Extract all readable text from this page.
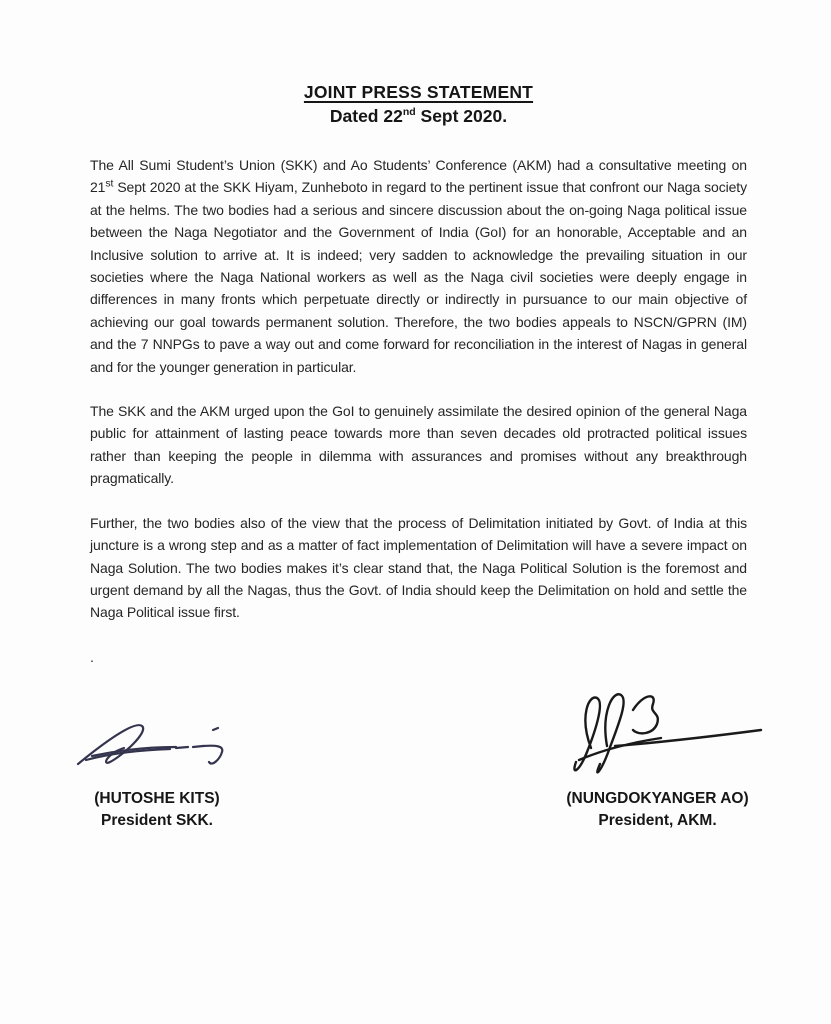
JOINT PRESS STATEMENT
Dated 22nd Sept 2020.

The All Sumi Student’s Union (SKK) and Ao Students’ Conference (AKM) had a consultative meeting on 21st Sept 2020 at the SKK Hiyam, Zunheboto in regard to the pertinent issue that confront our Naga society at the helms. The two bodies had a serious and sincere discussion about the on-going Naga political issue between the Naga Negotiator and the Government of India (GoI) for an honorable, Acceptable and an Inclusive solution to arrive at. It is indeed; very sadden to acknowledge the prevailing situation in our societies where the Naga National workers as well as the Naga civil societies were deeply engage in differences in many fronts which perpetuate directly or indirectly in pursuance to our main objective of achieving our goal towards permanent solution. Therefore, the two bodies appeals to NSCN/GPRN (IM) and the 7 NNPGs to pave a way out and come forward for reconciliation in the interest of Nagas in general and for the younger generation in particular.

The SKK and the AKM urged upon the GoI to genuinely assimilate the desired opinion of the general Naga public for attainment of lasting peace towards more than seven decades old protracted political issues rather than keeping the people in dilemma with assurances and promises without any breakthrough pragmatically.

Further, the two bodies also of the view that the process of Delimitation initiated by Govt. of India at this juncture is a wrong step and as a matter of fact implementation of Delimitation will have a severe impact on Naga Solution. The two bodies makes it’s clear stand that, the Naga Political Solution is the foremost and urgent demand by all the Nagas, thus the Govt. of India should keep the Delimitation on hold and settle the Naga Political issue first.

.

(HUTOSHE KITS)
President SKK.
(NUNGDOKYANGER AO)
President, AKM.
